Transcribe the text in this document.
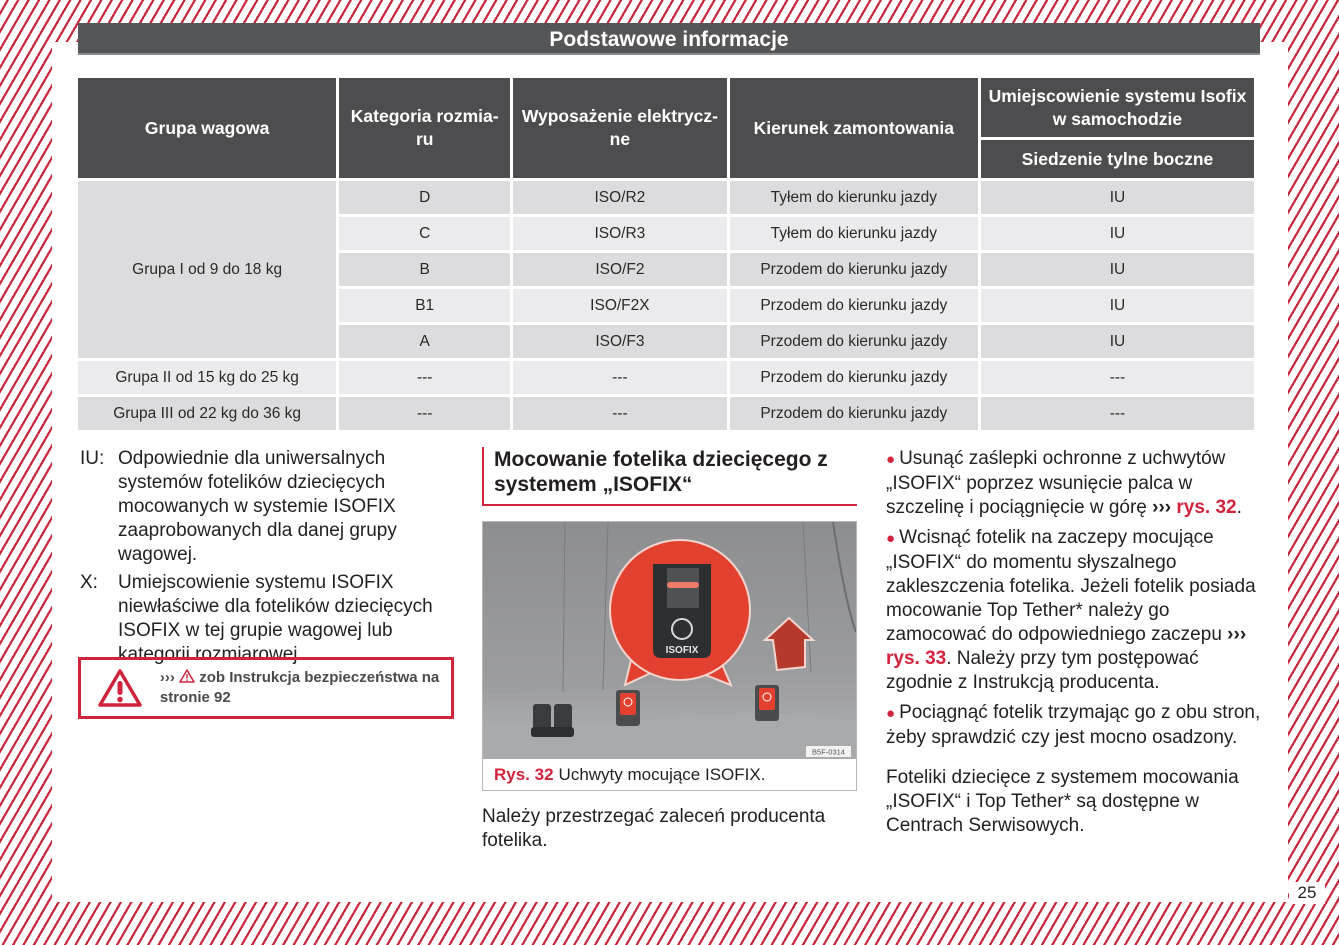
Podstawowe informacje
Grupa wagowa	Kategoria rozmia-ru	Wyposażenie elektrycz-ne	Kierunek zamontowania	Umiejscowienie systemu Isofix w samochodzie
				Siedzenie tylne boczne
Grupa I od 9 do 18 kg	D	ISO/R2	Tyłem do kierunku jazdy	IU
	C	ISO/R3	Tyłem do kierunku jazdy	IU
	B	ISO/F2	Przodem do kierunku jazdy	IU
	B1	ISO/F2X	Przodem do kierunku jazdy	IU
	A	ISO/F3	Przodem do kierunku jazdy	IU
Grupa II od 15 kg do 25 kg	---	---	Przodem do kierunku jazdy	---
Grupa III od 22 kg do 36 kg	---	---	Przodem do kierunku jazdy	---
IU: Odpowiednie dla uniwersalnych systemów fotelików dziecięcych mocowanych w systemie ISOFIX zaaprobowanych dla danej grupy wagowej.
X:	Umiejscowienie systemu ISOFIX niewłaściwe dla fotelików dziecięcych ISOFIX w tej grupie wagowej lub kategorii rozmiarowej .
››› zob Instrukcja bezpieczeństwa na stronie 92
Mocowanie fotelika dziecięcego z systemem „ISOFIX“
ISOFIX
B5F-0314
Rys. 32 Uchwyty mocujące ISOFIX.
Należy przestrzegać zaleceń producenta fotelika.
● Usunąć zaślepki ochronne z uchwytów „ISOFIX“ poprzez wsunięcie palca w szczelinę i pociągnięcie w górę ››› rys. 32.
● Wcisnąć fotelik na zaczepy mocujące „ISOFIX“ do momentu słyszalnego zakleszczenia fotelika. Jeżeli fotelik posiada mocowanie Top Tether* należy go zamocować do odpowiedniego zaczepu ››› rys. 33. Należy przy tym postępować zgodnie z Instrukcją producenta.
● Pociągnąć fotelik trzymając go z obu stron, żeby sprawdzić czy jest mocno osadzony.
Foteliki dziecięce z systemem mocowania „ISOFIX“ i Top Tether* są dostępne w Centrach Serwisowych.
25
